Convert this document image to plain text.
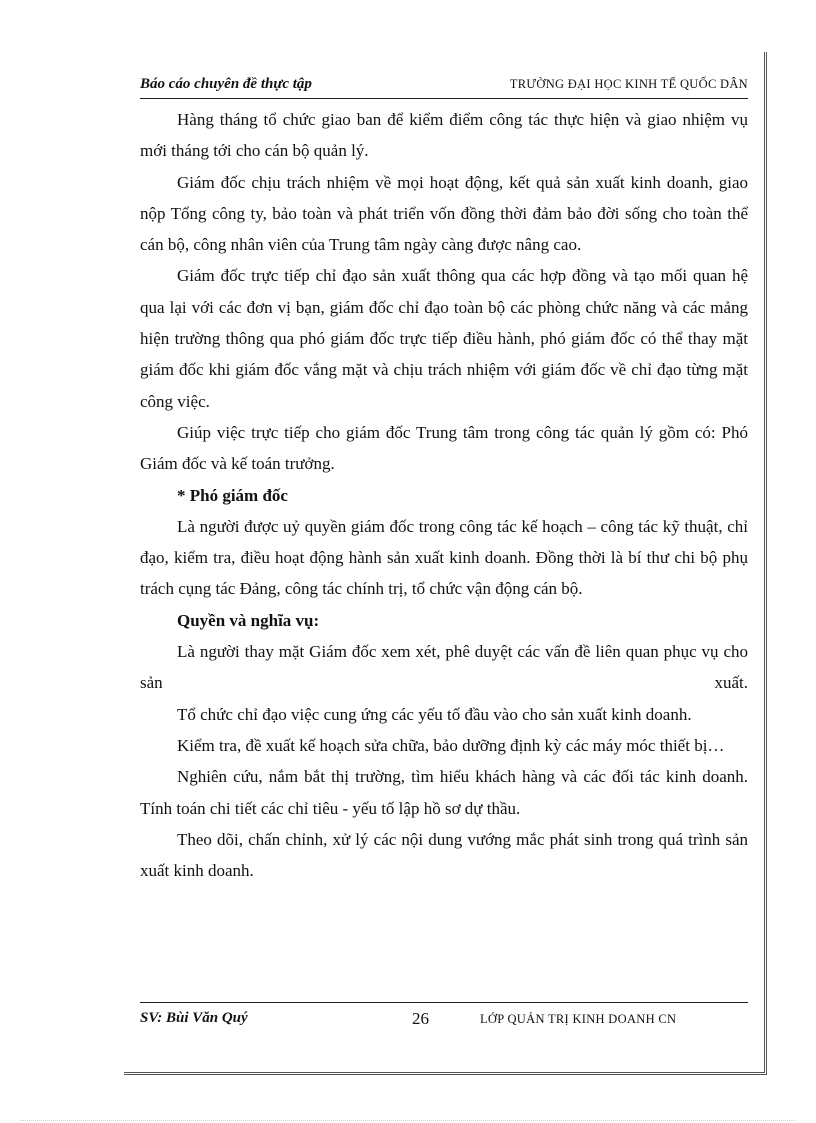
Báo cáo chuyên đề thực tập	TRƯỜNG ĐẠI HỌC KINH TẾ QUỐC DÂN

Hàng tháng tổ chức giao ban để kiểm điểm công tác thực hiện và giao nhiệm vụ mới tháng tới cho cán bộ quản lý.

Giám đốc chịu trách nhiệm về mọi hoạt động, kết quả sản xuất kinh doanh, giao nộp Tổng công ty, bảo toàn và phát triển vốn đồng thời đảm bảo đời sống cho toàn thể cán bộ, công nhân viên của Trung tâm ngày càng được nâng cao.

Giám đốc trực tiếp chỉ đạo sản xuất thông qua các hợp đồng và tạo mối quan hệ qua lại với các đơn vị bạn, giám đốc chỉ đạo toàn bộ các phòng chức năng và các mảng hiện trường thông qua phó giám đốc trực tiếp điều hành, phó giám đốc có thể thay mặt giám đốc khi giám đốc vắng mặt và chịu trách nhiệm với giám đốc về chỉ đạo từng mặt công việc.

Giúp việc trực tiếp cho giám đốc Trung tâm trong công tác quản lý gồm có: Phó Giám đốc và kế toán trưởng.

* Phó giám đốc

Là người được uỷ quyền giám đốc trong công tác kế hoạch – công tác kỹ thuật, chỉ đạo, kiểm tra, điều hoạt động hành sản xuất kinh doanh. Đồng thời là bí thư chi bộ phụ trách cụng tác Đảng, công tác chính trị, tổ chức vận động cán bộ.

Quyền và nghĩa vụ:

Là người thay mặt Giám đốc xem xét, phê duyệt các vấn đề liên quan phục vụ cho sản xuất.

Tổ chức chỉ đạo việc cung ứng các yếu tố đầu vào cho sản xuất kinh doanh.

Kiểm tra, đề xuất kế hoạch sửa chữa, bảo dưỡng định kỳ các máy móc thiết bị…

Nghiên cứu, nắm bắt thị trường, tìm hiểu khách hàng và các đối tác kinh doanh. Tính toán chi tiết các chỉ tiêu - yếu tố lập hồ sơ dự thầu.

Theo dõi, chấn chỉnh, xử lý các nội dung vướng mắc phát sinh trong quá trình sản xuất kinh doanh.

SV: Bùi Văn Quý	26	LỚP QUẢN TRỊ KINH DOANH CN
